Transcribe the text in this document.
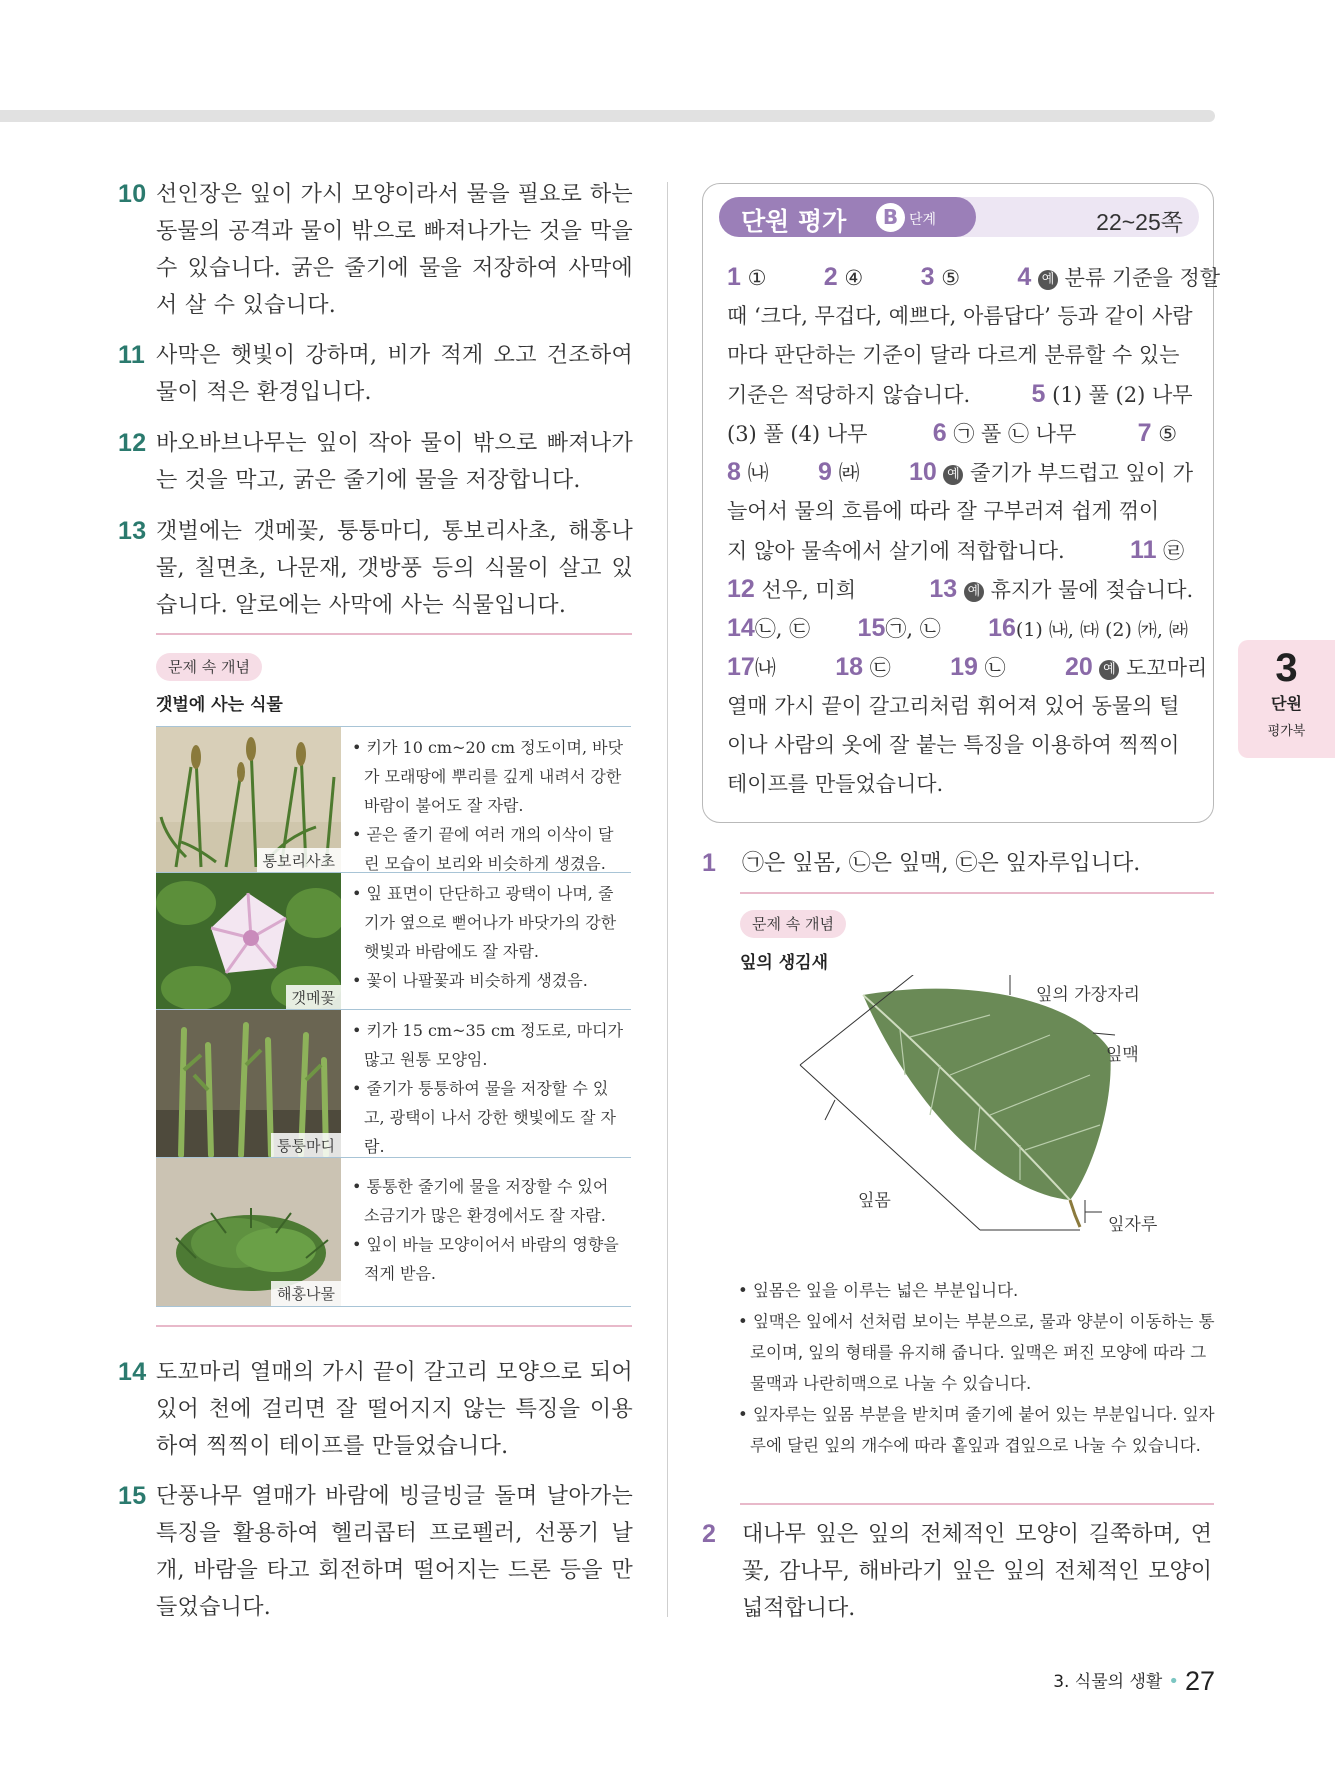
10 선인장은 잎이 가시 모양이라서 물을 필요로 하는 동물의 공격과 물이 밖으로 빠져나가는 것을 막을 수 있습니다. 굵은 줄기에 물을 저장하여 사막에서 살 수 있습니다.
11 사막은 햇빛이 강하며, 비가 적게 오고 건조하여 물이 적은 환경입니다.
12 바오바브나무는 잎이 작아 물이 밖으로 빠져나가는 것을 막고, 굵은 줄기에 물을 저장합니다.
13 갯벌에는 갯메꽃, 퉁퉁마디, 통보리사초, 해홍나물, 칠면초, 나문재, 갯방풍 등의 식물이 살고 있습니다. 알로에는 사막에 사는 식물입니다.
문제 속 개념
갯벌에 사는 식물
통보리사초
• 키가 10 cm~20 cm 정도이며, 바닷가 모래땅에 뿌리를 깊게 내려서 강한 바람이 불어도 잘 자람.
• 곧은 줄기 끝에 여러 개의 이삭이 달린 모습이 보리와 비슷하게 생겼음.
갯메꽃
• 잎 표면이 단단하고 광택이 나며, 줄기가 옆으로 뻗어나가 바닷가의 강한 햇빛과 바람에도 잘 자람.
• 꽃이 나팔꽃과 비슷하게 생겼음.
퉁퉁마디
• 키가 15 cm~35 cm 정도로, 마디가 많고 원통 모양임.
• 줄기가 퉁퉁하여 물을 저장할 수 있고, 광택이 나서 강한 햇빛에도 잘 자람.
해홍나물
• 통통한 줄기에 물을 저장할 수 있어 소금기가 많은 환경에서도 잘 자람.
• 잎이 바늘 모양이어서 바람의 영향을 적게 받음.
14 도꼬마리 열매의 가시 끝이 갈고리 모양으로 되어 있어 천에 걸리면 잘 떨어지지 않는 특징을 이용하여 찍찍이 테이프를 만들었습니다.
15 단풍나무 열매가 바람에 빙글빙글 돌며 날아가는 특징을 활용하여 헬리콥터 프로펠러, 선풍기 날개, 바람을 타고 회전하며 떨어지는 드론 등을 만들었습니다.
단원 평가	B 단계	22~25쪽
1 ① 2 ④ 3 ⑤ 4 예 분류 기준을 정할
때 ‘크다, 무겁다, 예쁘다, 아름답다’ 등과 같이 사람
마다 판단하는 기준이 달라 다르게 분류할 수 있는
기준은 적당하지 않습니다. 5 (1) 풀 (2) 나무
(3) 풀 (4) 나무	6 ㉠ 풀 ㉡ 나무 7 ⑤
8 ㈏ 9 ㈑ 10 예 줄기가 부드럽고 잎이 가
늘어서 물의 흐름에 따라 잘 구부러져 쉽게 꺾이
지 않아 물속에서 살기에 적합합니다.	11 ㉣
12 선우, 미희	13 예 휴지가 물에 젖습니다.
14㉡, ㉢ 15㉠, ㉡ 16(1) ㈏, ㈐ (2) ㈎, ㈑
17㈏ 18 ㉢ 19 ㉡ 20 예 도꼬마리
열매 가시 끝이 갈고리처럼 휘어져 있어 동물의 털
이나 사람의 옷에 잘 붙는 특징을 이용하여 찍찍이
테이프를 만들었습니다.
1	㉠은 잎몸, ㉡은 잎맥, ㉢은 잎자루입니다.
문제 속 개념
잎의 생김새
잎의 가장자리
잎맥
잎몸
잎자루
• 잎몸은 잎을 이루는 넓은 부분입니다.
• 잎맥은 잎에서 선처럼 보이는 부분으로, 물과 양분이 이동하는 통로이며, 잎의 형태를 유지해 줍니다. 잎맥은 퍼진 모양에 따라 그물맥과 나란히맥으로 나눌 수 있습니다.
• 잎자루는 잎몸 부분을 받치며 줄기에 붙어 있는 부분입니다. 잎자루에 달린 잎의 개수에 따라 홑잎과 겹잎으로 나눌 수 있습니다.
2	대나무 잎은 잎의 전체적인 모양이 길쭉하며, 연꽃, 감나무, 해바라기 잎은 잎의 전체적인 모양이 넓적합니다.
3
단원
평가북
3. 식물의 생활 • 27
